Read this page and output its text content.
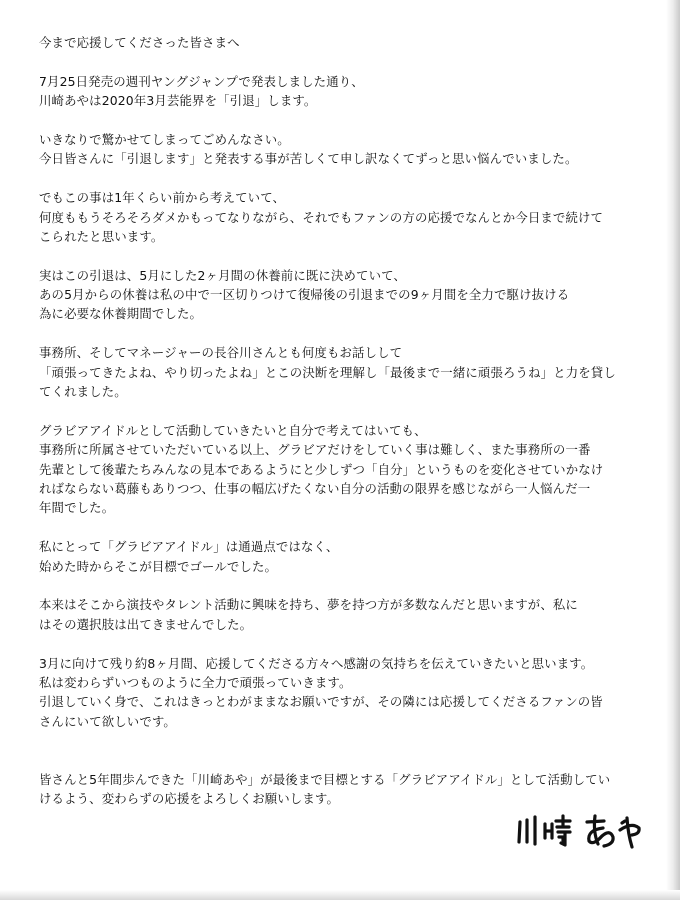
今まで応援してくださった皆さまへ
7月25日発売の週刊ヤングジャンプで発表しました通り、
川崎あやは2020年3月芸能界を「引退」します。
いきなりで驚かせてしまってごめんなさい。
今日皆さんに「引退します」と発表する事が苦しくて申し訳なくてずっと思い悩んでいました。
でもこの事は1年くらい前から考えていて、
何度ももうそろそろダメかもってなりながら、それでもファンの方の応援でなんとか今日まで続けて
こられたと思います。
実はこの引退は、5月にした2ヶ月間の休養前に既に決めていて、
あの5月からの休養は私の中で一区切りつけて復帰後の引退までの9ヶ月間を全力で駆け抜ける
為に必要な休養期間でした。
事務所、そしてマネージャーの長谷川さんとも何度もお話しして
「頑張ってきたよね、やり切ったよね」とこの決断を理解し「最後まで一緒に頑張ろうね」と力を貸し
てくれました。
グラビアアイドルとして活動していきたいと自分で考えてはいても、
事務所に所属させていただいている以上、グラビアだけをしていく事は難しく、また事務所の一番
先輩として後輩たちみんなの見本であるようにと少しずつ「自分」というものを変化させていかなけ
ればならない葛藤もありつつ、仕事の幅広げたくない自分の活動の限界を感じながら一人悩んだ一
年間でした。
私にとって「グラビアアイドル」は通過点ではなく、
始めた時からそこが目標でゴールでした。
本来はそこから演技やタレント活動に興味を持ち、夢を持つ方が多数なんだと思いますが、私に
はその選択肢は出てきませんでした。
3月に向けて残り約8ヶ月間、応援してくださる方々へ感謝の気持ちを伝えていきたいと思います。
私は変わらずいつものように全力で頑張っていきます。
引退していく身で、これはきっとわがままなお願いですが、その隣には応援してくださるファンの皆
さんにいて欲しいです。
皆さんと5年間歩んできた「川崎あや」が最後まで目標とする「グラビアアイドル」として活動してい
けるよう、変わらずの応援をよろしくお願いします。
